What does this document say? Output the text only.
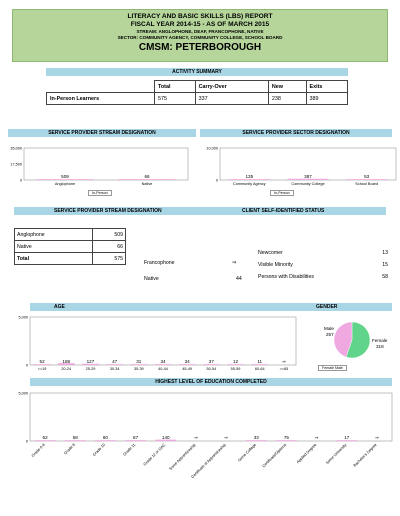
LITERACY AND BASIC SKILLS (LBS) REPORT
FISCAL YEAR 2014-15 - AS OF MARCH 2015
STREAM: ANGLOPHONE, DEAF, FRANCOPHONE, NATIVE
SECTOR: COMMUNITY AGENCY, COMMUNITY COLLEGE, SCHOOL BOARD
CMSM: PETERBOROUGH
ACTIVITY SUMMARY
	Total	Carry-Over	New	Exits
In-Person Learners	575	337	238	389
SERVICE PROVIDER STREAM DESIGNATION	SERVICE PROVIDER SECTOR DESIGNATION
35,000
17,500
0
509
Anglophone
66
Native
In-Person
10,000
0
135
Community Agency
387
Community College
53
School Board
In-Person
SERVICE PROVIDER STREAM DESIGNATION	CLIENT SELF-IDENTIFIED STATUS
Anglophone	509
Native	66
Total	575
Francophone	⇒
Native	44
Newcomer	13
Visible Minority	15
Persons with Disabilities	58
AGE	GENDER
5,000
0
52
<=19
188
20-24
127
25-29
47
30-34
31
35-39
34
40-44
34
45-49
37
50-54
12
55-59
11
60-64
⇒
>=65
Female
318
Male
257
Female Male
HIGHEST LEVEL OF EDUCATION COMPLETED
5,000
0
62
Grade 0-8
58
Grade 9
80
Grade 10
87
Grade 11
140
Grade 12 or OAC
⇒
Some Apprenticeship
⇒
Certificate of Apprenticeship
33
Some College
75
Certificate/Diploma
⇒
Applied Degree
17
Some University
⇒
Bachelor's Degree
